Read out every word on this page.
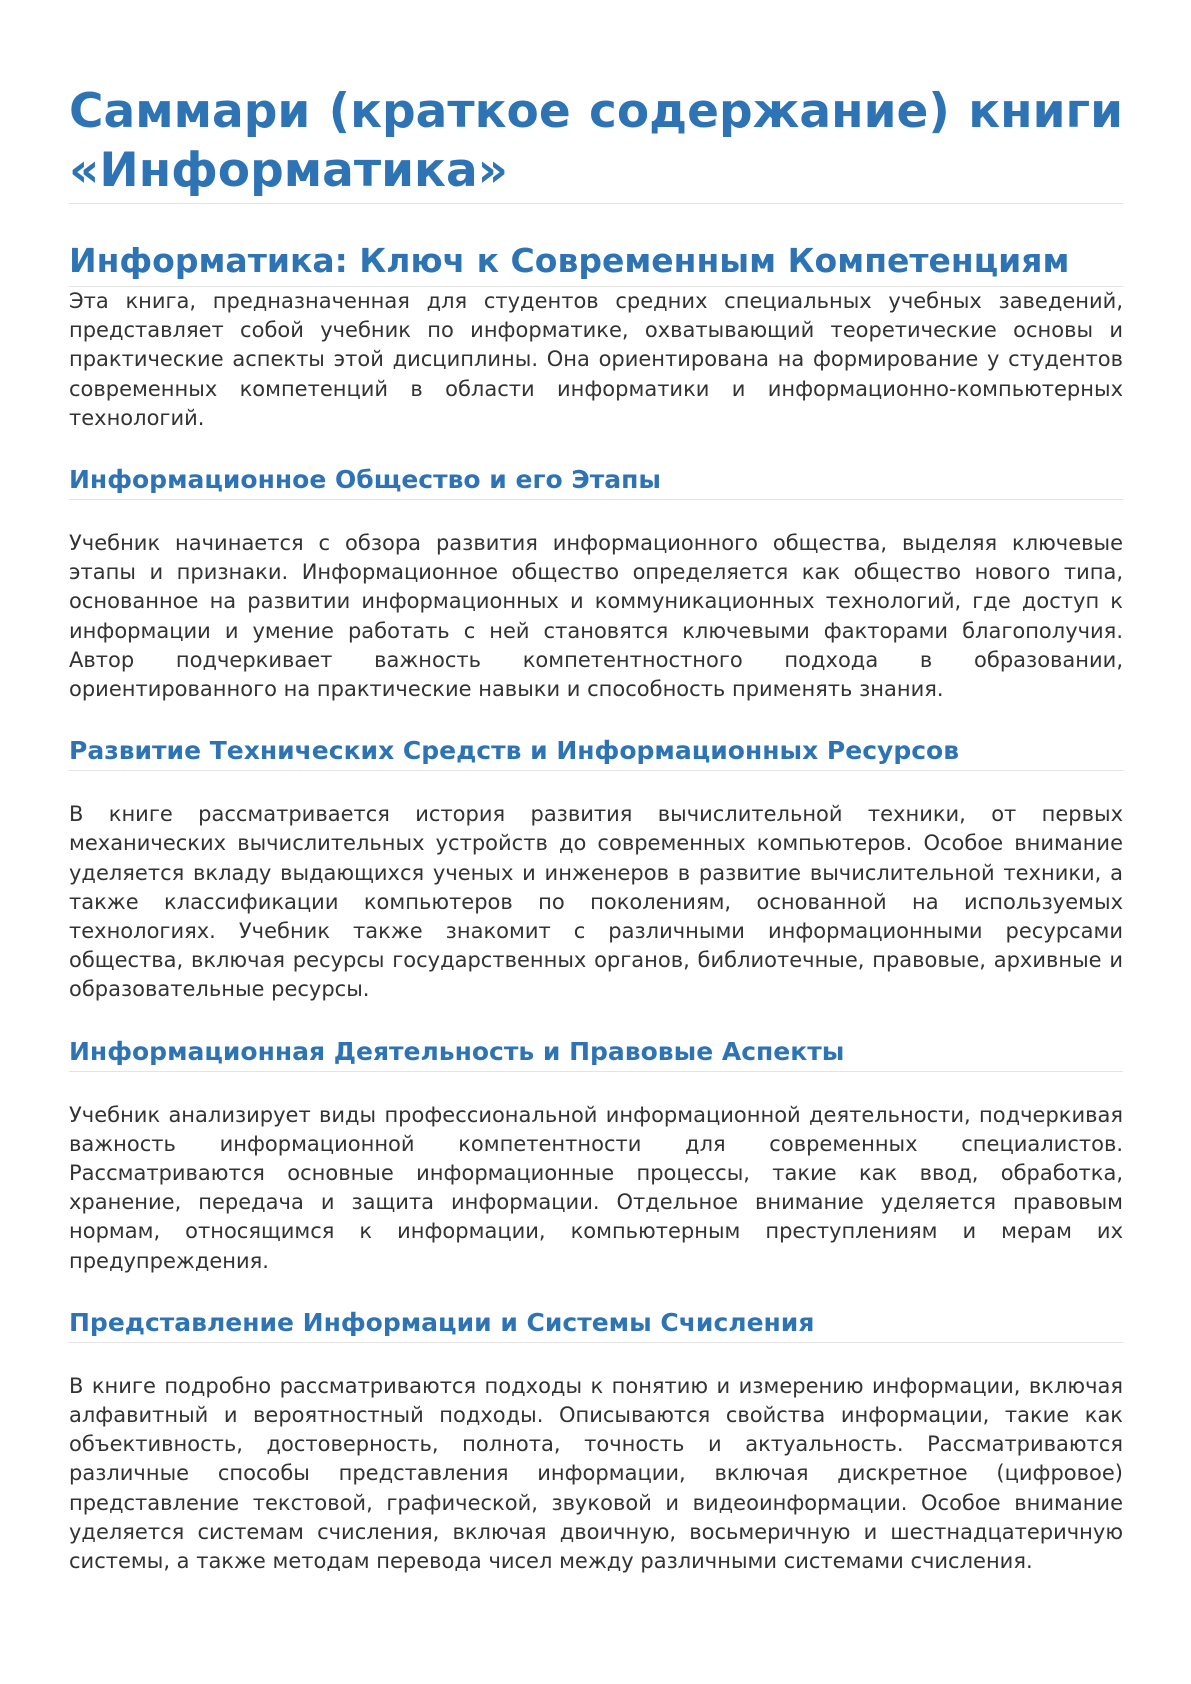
Саммари (краткое содержание) книги «Информатика»
Информатика: Ключ к Современным Компетенциям

Эта книга, предназначенная для студентов средних специальных учебных заведений, представляет собой учебник по информатике, охватывающий теоретические основы и практические аспекты этой дисциплины. Она ориентирована на формирование у студентов современных компетенций в области информатики и информационно-компьютерных технологий.

Информационное Общество и его Этапы

Учебник начинается с обзора развития информационного общества, выделяя ключевые этапы и признаки. Информационное общество определяется как общество нового типа, основанное на развитии информационных и коммуникационных технологий, где доступ к информации и умение работать с ней становятся ключевыми факторами благополучия. Автор подчеркивает важность компетентностного подхода в образовании, ориентированного на практические навыки и способность применять знания.

Развитие Технических Средств и Информационных Ресурсов

В книге рассматривается история развития вычислительной техники, от первых механических вычислительных устройств до современных компьютеров. Особое внимание уделяется вкладу выдающихся ученых и инженеров в развитие вычислительной техники, а также классификации компьютеров по поколениям, основанной на используемых технологиях. Учебник также знакомит с различными информационными ресурсами общества, включая ресурсы государственных органов, библиотечные, правовые, архивные и образовательные ресурсы.

Информационная Деятельность и Правовые Аспекты

Учебник анализирует виды профессиональной информационной деятельности, подчеркивая важность информационной компетентности для современных специалистов. Рассматриваются основные информационные процессы, такие как ввод, обработка, хранение, передача и защита информации. Отдельное внимание уделяется правовым нормам, относящимся к информации, компьютерным преступлениям и мерам их предупреждения.

Представление Информации и Системы Счисления

В книге подробно рассматриваются подходы к понятию и измерению информации, включая алфавитный и вероятностный подходы. Описываются свойства информации, такие как объективность, достоверность, полнота, точность и актуальность. Рассматриваются различные способы представления информации, включая дискретное (цифровое) представление текстовой, графической, звуковой и видеоинформации. Особое внимание уделяется системам счисления, включая двоичную, восьмеричную и шестнадцатеричную системы, а также методам перевода чисел между различными системами счисления.
